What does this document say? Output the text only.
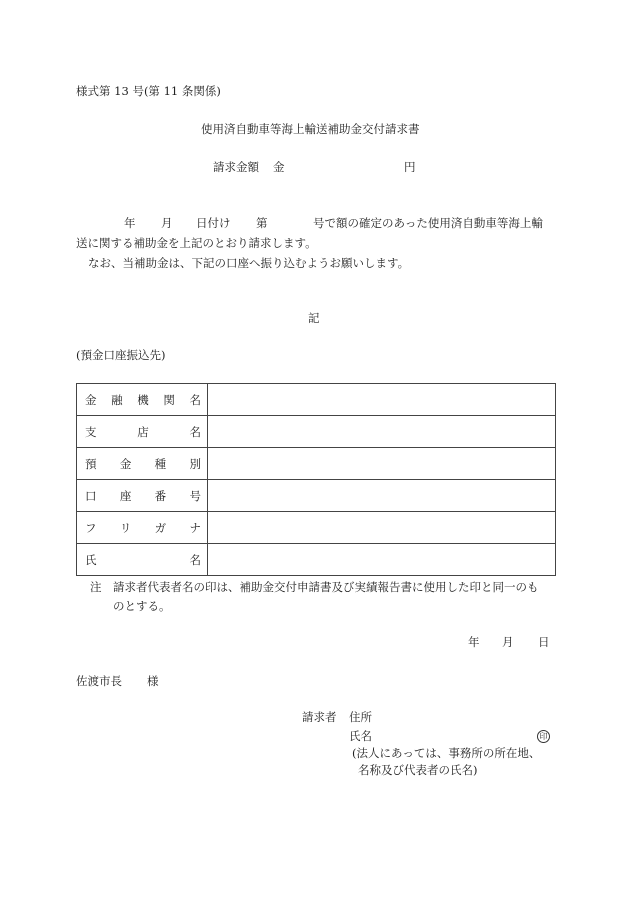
様式第 13 号(第 11 条関係)
使用済自動車等海上輸送補助金交付請求書
請求金額 金	円
年 月 日付け 第	号で額の確定のあった使用済自動車等海上輸
送に関する補助金を上記のとおり請求します。
なお、当補助金は、下記の口座へ振り込むようお願いします。
記
(預金口座振込先)
金 融 機 関 名	

支 店 名	

預 金 種 別	

口 座 番 号	

フ リ ガ ナ	

氏 名	

注 請求者代表者名の印は、補助金交付申請書及び実績報告書に使用した印と同一のも
のとする。
年 月 日
佐渡市長 様
請求者 住所
氏名	印
(法人にあっては、事務所の所在地、
名称及び代表者の氏名)
